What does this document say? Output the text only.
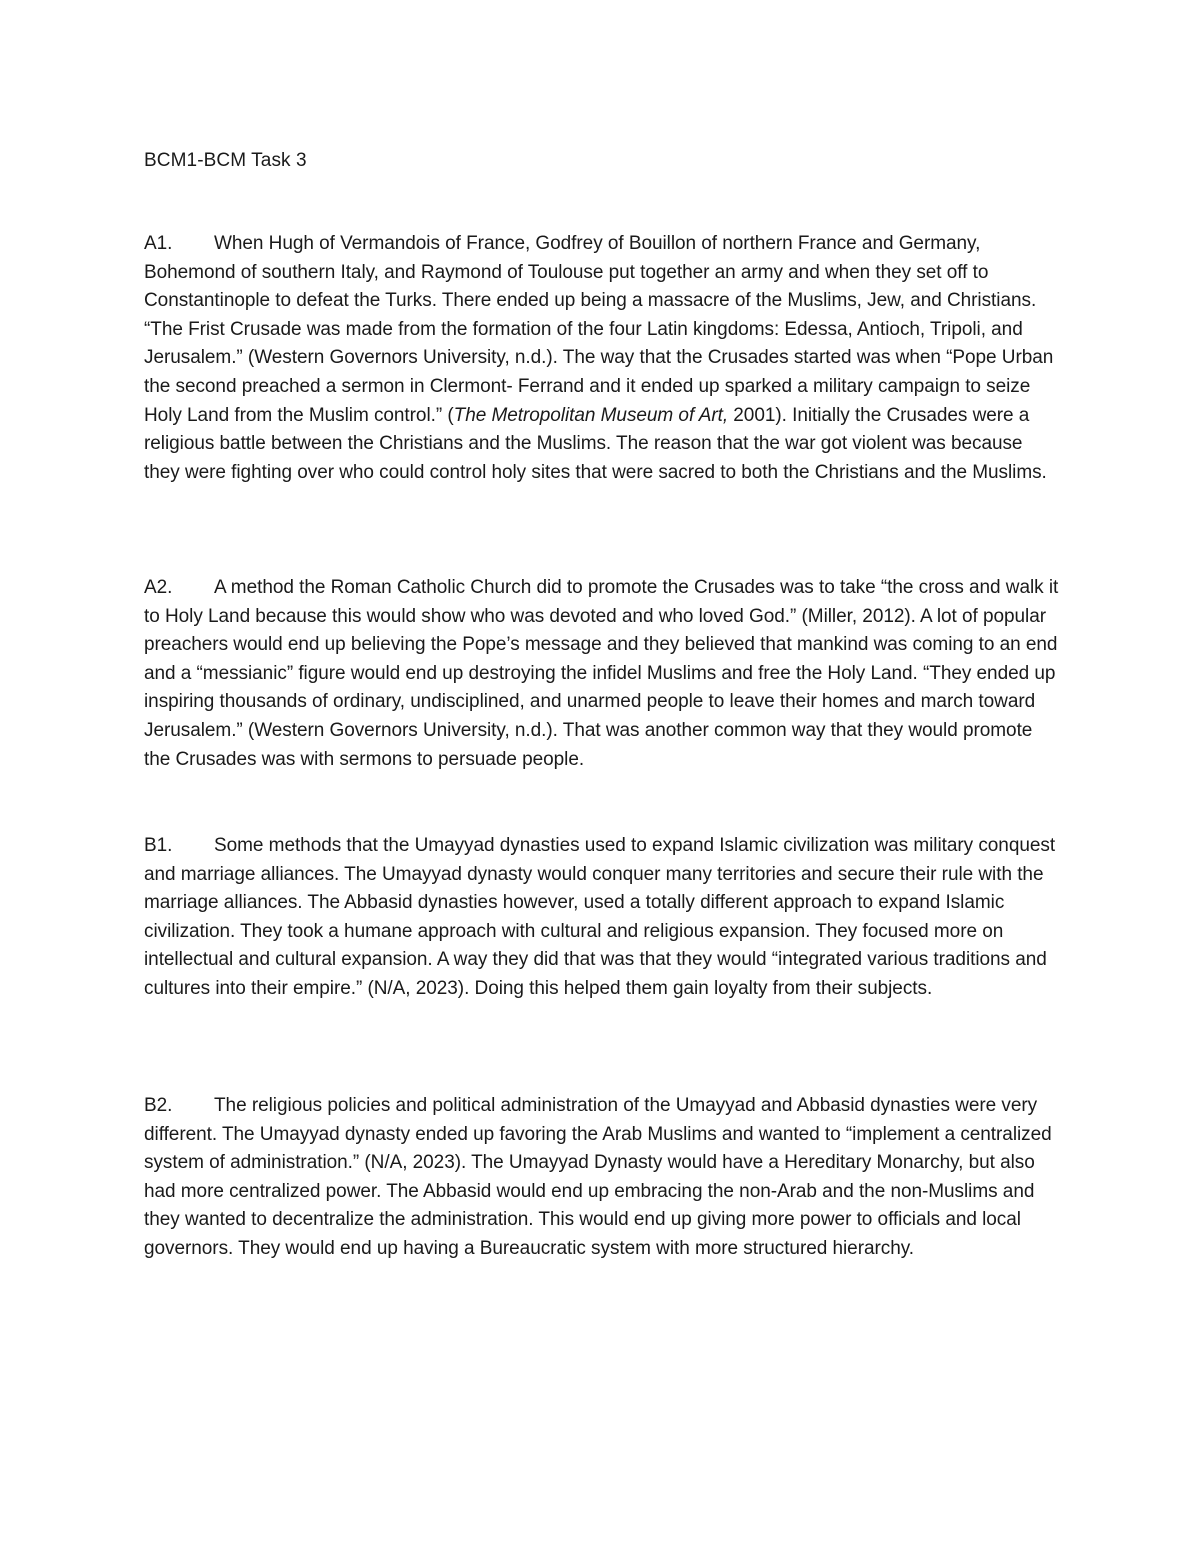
BCM1-BCM Task 3

A1. When Hugh of Vermandois of France, Godfrey of Bouillon of northern France and Germany, Bohemond of southern Italy, and Raymond of Toulouse put together an army and when they set off to Constantinople to defeat the Turks. There ended up being a massacre of the Muslims, Jew, and Christians. “The Frist Crusade was made from the formation of the four Latin kingdoms: Edessa, Antioch, Tripoli, and Jerusalem.” (Western Governors University, n.d.). The way that the Crusades started was when “Pope Urban the second preached a sermon in Clermont- Ferrand and it ended up sparked a military campaign to seize Holy Land from the Muslim control.” (The Metropolitan Museum of Art, 2001). Initially the Crusades were a religious battle between the Christians and the Muslims. The reason that the war got violent was because they were fighting over who could control holy sites that were sacred to both the Christians and the Muslims.

A2. A method the Roman Catholic Church did to promote the Crusades was to take “the cross and walk it to Holy Land because this would show who was devoted and who loved God.” (Miller, 2012). A lot of popular preachers would end up believing the Pope’s message and they believed that mankind was coming to an end and a “messianic” figure would end up destroying the infidel Muslims and free the Holy Land. “They ended up inspiring thousands of ordinary, undisciplined, and unarmed people to leave their homes and march toward Jerusalem.” (Western Governors University, n.d.). That was another common way that they would promote the Crusades was with sermons to persuade people.

B1. Some methods that the Umayyad dynasties used to expand Islamic civilization was military conquest and marriage alliances. The Umayyad dynasty would conquer many territories and secure their rule with the marriage alliances. The Abbasid dynasties however, used a totally different approach to expand Islamic civilization. They took a humane approach with cultural and religious expansion. They focused more on intellectual and cultural expansion. A way they did that was that they would “integrated various traditions and cultures into their empire.” (N/A, 2023). Doing this helped them gain loyalty from their subjects.

B2. The religious policies and political administration of the Umayyad and Abbasid dynasties were very different. The Umayyad dynasty ended up favoring the Arab Muslims and wanted to “implement a centralized system of administration.” (N/A, 2023). The Umayyad Dynasty would have a Hereditary Monarchy, but also had more centralized power. The Abbasid would end up embracing the non-Arab and the non-Muslims and they wanted to decentralize the administration. This would end up giving more power to officials and local governors. They would end up having a Bureaucratic system with more structured hierarchy.
